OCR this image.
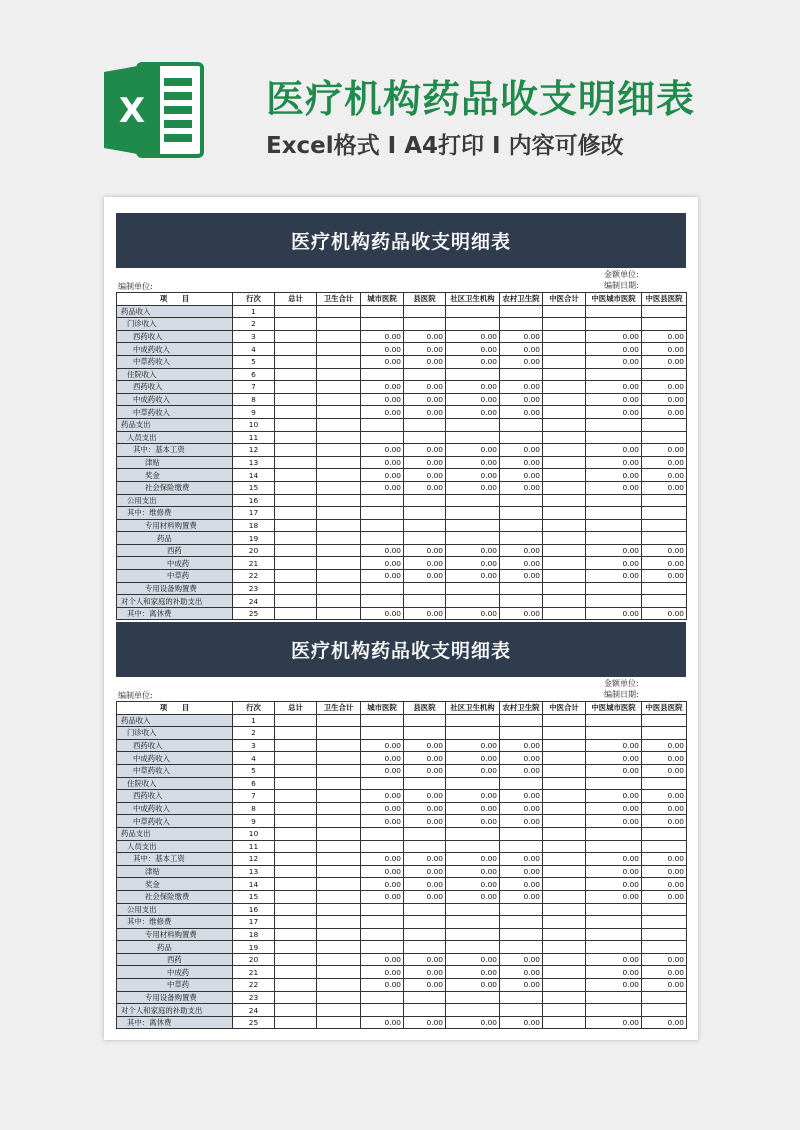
X	医疗机构药品收支明细表
Excel格式 I A4打印 I 内容可修改
医疗机构药品收支明细表
编制单位:
金额单位:
编制日期:
项　　目	行次	总计	卫生合计	城市医院	县医院	社区卫生机构	农村卫生院	中医合计	中医城市医院	中医县医院
药品收入	1									
门诊收入	2									
西药收入	3			0.00	0.00	0.00	0.00		0.00	0.00
中成药收入	4			0.00	0.00	0.00	0.00		0.00	0.00
中草药收入	5			0.00	0.00	0.00	0.00		0.00	0.00
住院收入	6									
西药收入	7			0.00	0.00	0.00	0.00		0.00	0.00
中成药收入	8			0.00	0.00	0.00	0.00		0.00	0.00
中草药收入	9			0.00	0.00	0.00	0.00		0.00	0.00
药品支出	10									
人员支出	11									
其中：基本工资	12			0.00	0.00	0.00	0.00		0.00	0.00
津贴	13			0.00	0.00	0.00	0.00		0.00	0.00
奖金	14			0.00	0.00	0.00	0.00		0.00	0.00
社会保险缴费	15			0.00	0.00	0.00	0.00		0.00	0.00
公用支出	16									
其中：维修费	17									
专用材料购置费	18									
药品	19									
西药	20			0.00	0.00	0.00	0.00		0.00	0.00
中成药	21			0.00	0.00	0.00	0.00		0.00	0.00
中草药	22			0.00	0.00	0.00	0.00		0.00	0.00
专用设备购置费	23									
对个人和家庭的补助支出	24									
其中：离休费	25			0.00	0.00	0.00	0.00		0.00	0.00
医疗机构药品收支明细表
编制单位:
金额单位:
编制日期:
项　　目	行次	总计	卫生合计	城市医院	县医院	社区卫生机构	农村卫生院	中医合计	中医城市医院	中医县医院
药品收入	1									
门诊收入	2									
西药收入	3			0.00	0.00	0.00	0.00		0.00	0.00
中成药收入	4			0.00	0.00	0.00	0.00		0.00	0.00
中草药收入	5			0.00	0.00	0.00	0.00		0.00	0.00
住院收入	6									
西药收入	7			0.00	0.00	0.00	0.00		0.00	0.00
中成药收入	8			0.00	0.00	0.00	0.00		0.00	0.00
中草药收入	9			0.00	0.00	0.00	0.00		0.00	0.00
药品支出	10									
人员支出	11									
其中：基本工资	12			0.00	0.00	0.00	0.00		0.00	0.00
津贴	13			0.00	0.00	0.00	0.00		0.00	0.00
奖金	14			0.00	0.00	0.00	0.00		0.00	0.00
社会保险缴费	15			0.00	0.00	0.00	0.00		0.00	0.00
公用支出	16									
其中：维修费	17									
专用材料购置费	18									
药品	19									
西药	20			0.00	0.00	0.00	0.00		0.00	0.00
中成药	21			0.00	0.00	0.00	0.00		0.00	0.00
中草药	22			0.00	0.00	0.00	0.00		0.00	0.00
专用设备购置费	23									
对个人和家庭的补助支出	24									
其中：离休费	25			0.00	0.00	0.00	0.00		0.00	0.00
